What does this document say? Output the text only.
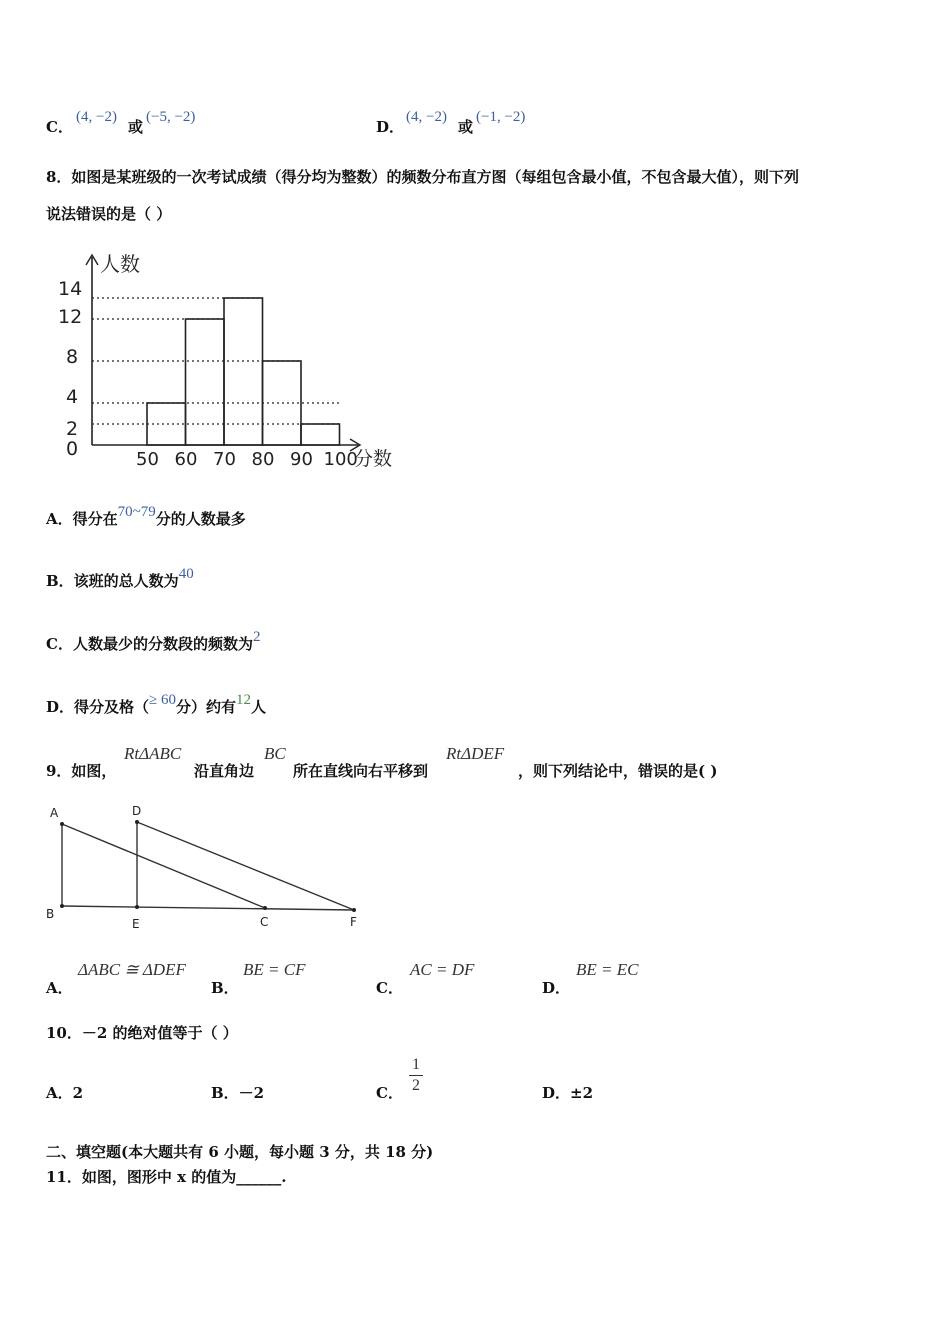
C．
(4, −2)
或
(−5, −2)
D．
(4, −2)
或
(−1, −2)
8．如图是某班级的一次考试成绩（得分均为整数）的频数分布直方图（每组包含最小值，不包含最大值），则下列
说法错误的是（ ）
0
2
4
8
12
14
50 60 70 80 90 100
人数
分数
A．得分在70~79分的人数最多
B．该班的总人数为40
C．人数最少的分数段的频数为2
D．得分及格（≥ 60分）约有12人
9．如图，
RtΔABC
沿直角边
BC
所在直线向右平移到
RtΔDEF
，则下列结论中，错误的是( )
A
B
C
D
E	F
A．
ΔABC ≅ ΔDEF
B．
BE = CF
C．
AC = DF
D．
BE = EC
10．－2 的绝对值等于（ ）
A．2	B．－2	C．
1
2	D．±2
二、填空题(本大题共有 6 小题，每小题 3 分，共 18 分)
11．如图，图形中 x 的值为______.
